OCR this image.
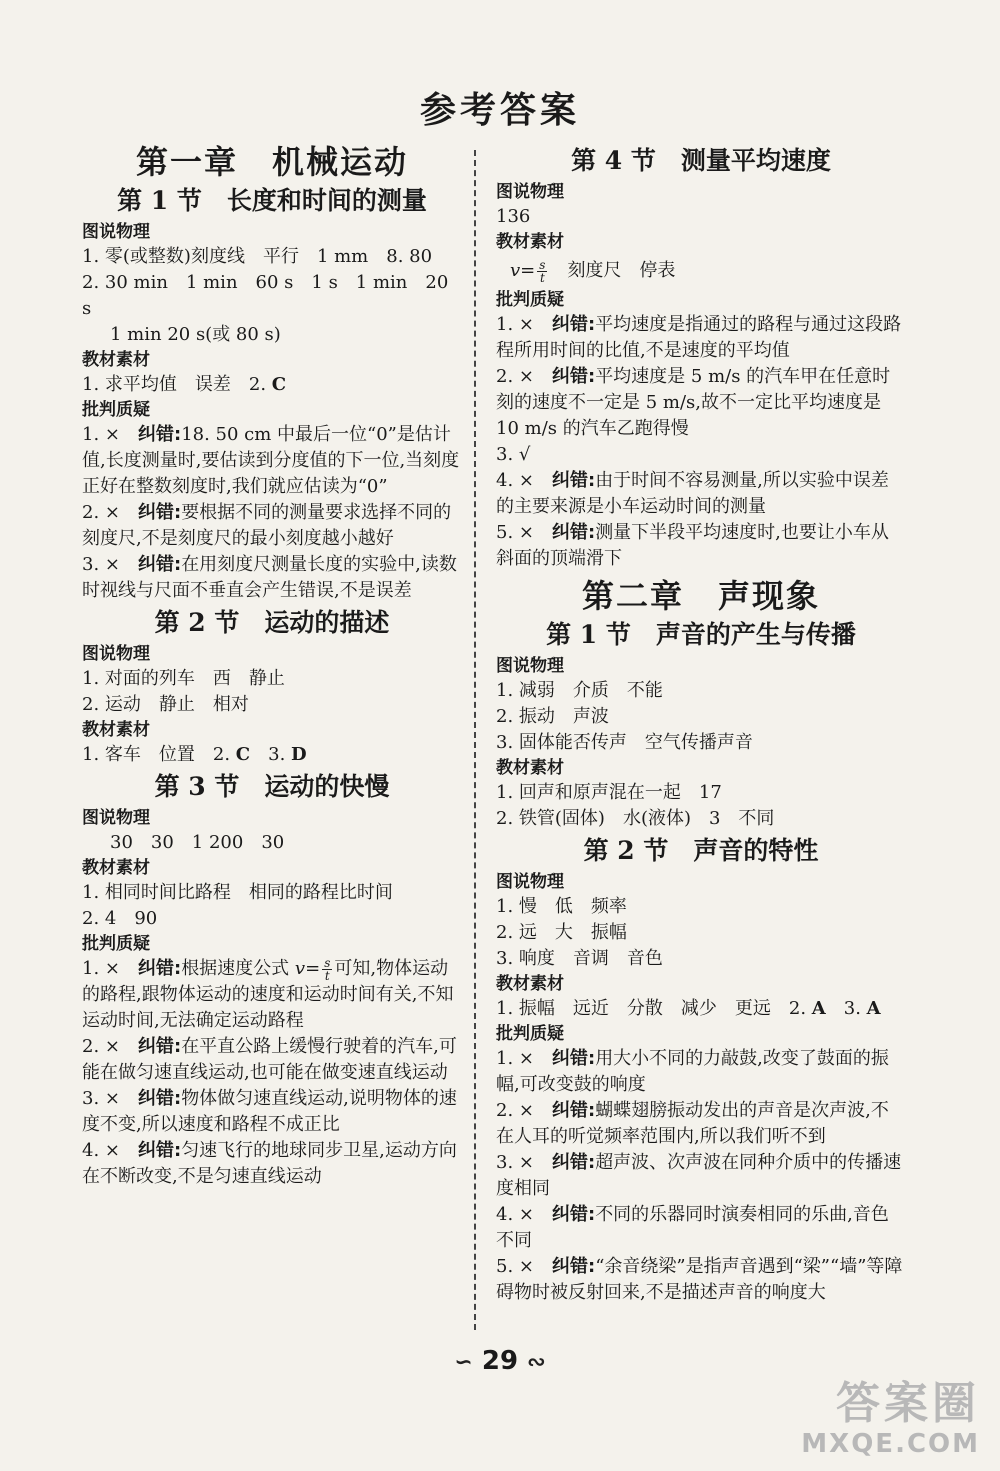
参考答案
第一章　机械运动
第 1 节　长度和时间的测量

图说物理

1. 零(或整数)刻度线　平行　1 mm　8. 80

2. 30 min　1 min　60 s　1 s　1 min　20 s

1 min 20 s(或 80 s)

教材素材

1. 求平均值　误差　2. C

批判质疑

1. ×　纠错:18. 50 cm 中最后一位“0”是估计值,长度测量时,要估读到分度值的下一位,当刻度正好在整数刻度时,我们就应估读为“0”

2. ×　纠错:要根据不同的测量要求选择不同的刻度尺,不是刻度尺的最小刻度越小越好

3. ×　纠错:在用刻度尺测量长度的实验中,读数时视线与尺面不垂直会产生错误,不是误差

第 2 节　运动的描述

图说物理

1. 对面的列车　西　静止

2. 运动　静止　相对

教材素材

1. 客车　位置　2. C　3. D

第 3 节　运动的快慢

图说物理

30　30　1 200　30

教材素材

1. 相同时间比路程　相同的路程比时间

2. 4　90

批判质疑

1. ×　纠错:根据速度公式 $v= \frac{s}{t}$ 可知,物体运动的路程,跟物体运动的速度和运动时间有关,不知运动时间,无法确定运动路程

2. ×　纠错:在平直公路上缓慢行驶着的汽车,可能在做匀速直线运动,也可能在做变速直线运动

3. ×　纠错:物体做匀速直线运动,说明物体的速度不变,所以速度和路程不成正比

4. ×　纠错:匀速飞行的地球同步卫星,运动方向在不断改变,不是匀速直线运动

第 4 节　测量平均速度

图说物理

136

教材素材

$v= \frac{s}{t}$
　 刻度尺　停表

批判质疑

1. ×　纠错:平均速度是指通过的路程与通过这段路程所用时间的比值,不是速度的平均值

2. ×　纠错:平均速度是 5 m/s 的汽车甲在任意时刻的速度不一定是 5 m/s,故不一定比平均速度是 10 m/s 的汽车乙跑得慢

3. √

4. ×　纠错:由于时间不容易测量,所以实验中误差的主要来源是小车运动时间的测量

5. ×　纠错:测量下半段平均速度时,也要让小车从斜面的顶端滑下

第二章　声现象
第 1 节　声音的产生与传播

图说物理

1. 减弱　介质　不能

2. 振动　声波

3. 固体能否传声　空气传播声音

教材素材

1. 回声和原声混在一起　17

2. 铁管(固体)　水(液体)　3　不同

第 2 节　声音的特性

图说物理

1. 慢　低　频率

2. 远　大　振幅

3. 响度　音调　音色

教材素材

1. 振幅　远近　分散　减少　更远　2. A　3. A

批判质疑

1. ×　纠错:用大小不同的力敲鼓,改变了鼓面的振幅,可改变鼓的响度

2. ×　纠错:蝴蝶翅膀振动发出的声音是次声波,不在人耳的听觉频率范围内,所以我们听不到

3. ×　纠错:超声波、次声波在同种介质中的传播速度相同

4. ×　纠错:不同的乐器同时演奏相同的乐曲,音色不同

5. ×　纠错:“余音绕梁”是指声音遇到“梁”“墙”等障碍物时被反射回来,不是描述声音的响度大

∽ 29 ∾
答案圈
MXQE.COM
